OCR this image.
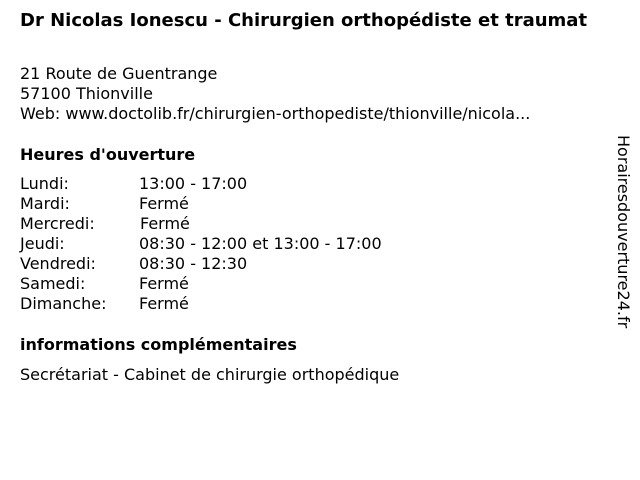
Dr Nicolas Ionescu - Chirurgien orthopédiste et traumat
21 Route de Guentrange
57100 Thionville
Web: www.doctolib.fr/chirurgien-orthopediste/thionville/nicola...
Heures d'ouverture
Lundi:	13:00 - 17:00
Mardi:	Fermé
Mercredi:	Fermé
Jeudi:	08:30 - 12:00 et 13:00 - 17:00
Vendredi:	08:30 - 12:30
Samedi:	Fermé
Dimanche: Fermé
informations complémentaires
Secrétariat - Cabinet de chirurgie orthopédique
Horairesdouverture24.fr
